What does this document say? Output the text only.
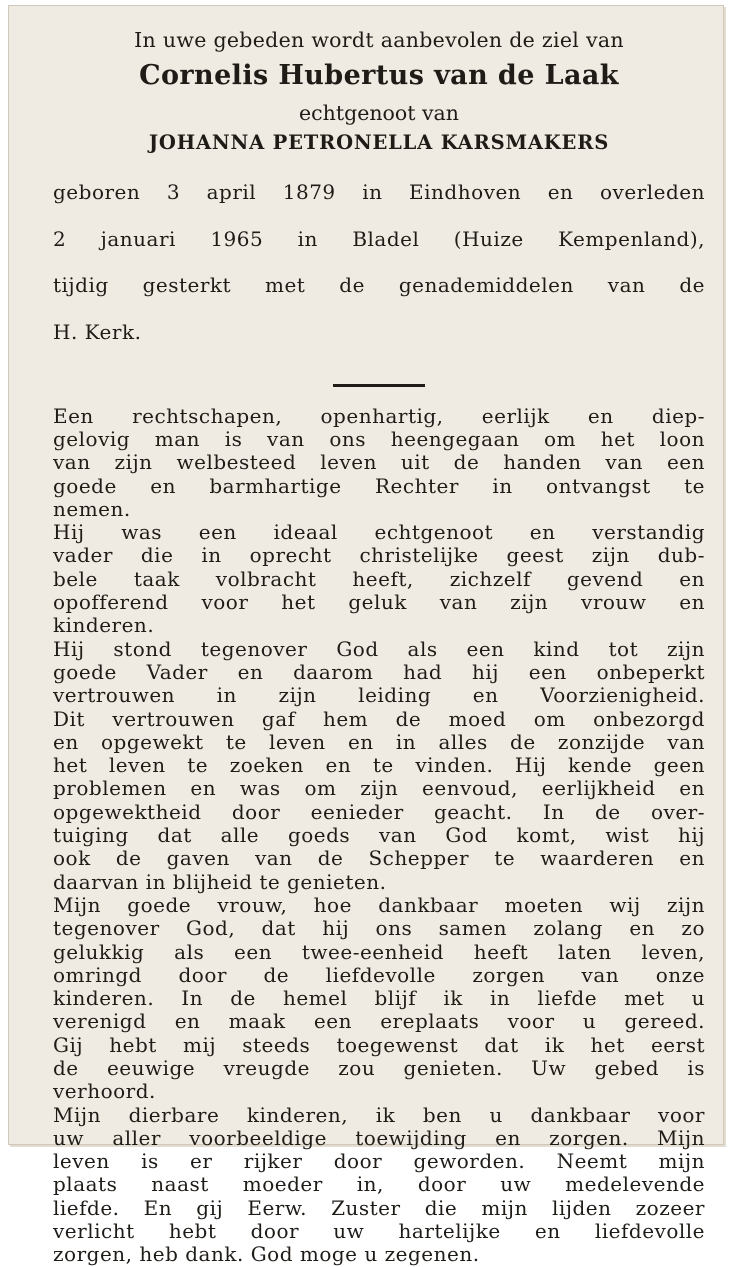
In uwe gebeden wordt aanbevolen de ziel van

Cornelis Hubertus van de Laak

echtgenoot van

JOHANNA PETRONELLA KARSMAKERS

geboren 3 april 1879 in Eindhoven en overleden

2 januari 1965 in Bladel (Huize Kempenland),

tijdig gesterkt met de genademiddelen van de

H. Kerk.

Een rechtschapen, openhartig, eerlijk en diep-
gelovig man is van ons heengegaan om het loon
van zijn welbesteed leven uit de handen van een
goede en barmhartige Rechter in ontvangst te
nemen.
Hij was een ideaal echtgenoot en verstandig
vader die in oprecht christelijke geest zijn dub-
bele taak volbracht heeft, zichzelf gevend en
opofferend voor het geluk van zijn vrouw en
kinderen.
Hij stond tegenover God als een kind tot zijn
goede Vader en daarom had hij een onbeperkt
vertrouwen in zijn leiding en Voorzienigheid.
Dit vertrouwen gaf hem de moed om onbezorgd
en opgewekt te leven en in alles de zonzijde van
het leven te zoeken en te vinden. Hij kende geen
problemen en was om zijn eenvoud, eerlijkheid en
opgewektheid door eenieder geacht. In de over-
tuiging dat alle goeds van God komt, wist hij
ook de gaven van de Schepper te waarderen en
daarvan in blijheid te genieten.
Mijn goede vrouw, hoe dankbaar moeten wij zijn
tegenover God, dat hij ons samen zolang en zo
gelukkig als een twee-eenheid heeft laten leven,
omringd door de liefdevolle zorgen van onze
kinderen. In de hemel blijf ik in liefde met u
verenigd en maak een ereplaats voor u gereed.
Gij hebt mij steeds toegewenst dat ik het eerst
de eeuwige vreugde zou genieten. Uw gebed is
verhoord.
Mijn dierbare kinderen, ik ben u dankbaar voor
uw aller voorbeeldige toewijding en zorgen. Mijn
leven is er rijker door geworden. Neemt mijn
plaats naast moeder in, door uw medelevende
liefde. En gij Eerw. Zuster die mijn lijden zozeer
verlicht hebt door uw hartelijke en liefdevolle
zorgen, heb dank. God moge u zegenen.
